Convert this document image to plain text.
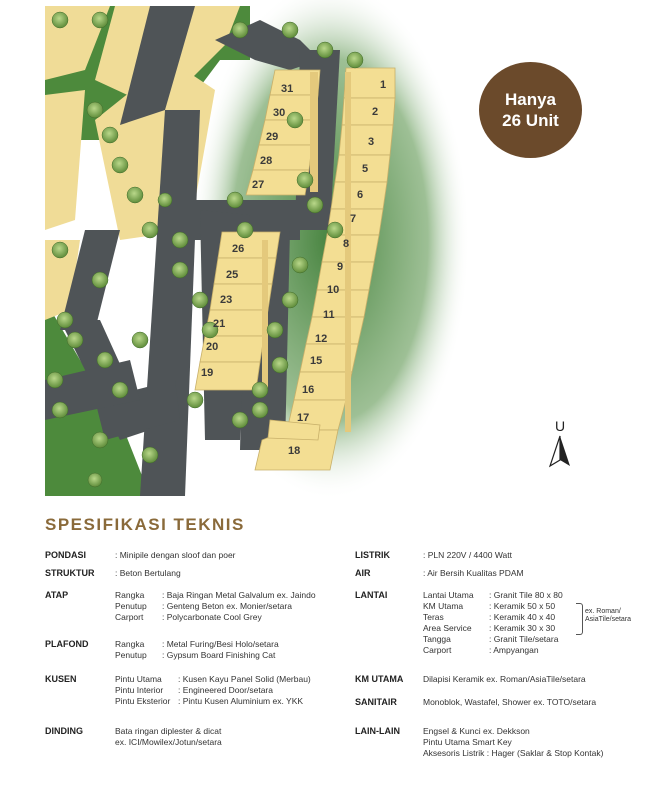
1
2
3
5
6
7
8
9
10
11
12
15
16
17
18
31
30
29
28
27
26
25
23
21
20
19
Hanya
26 Unit
U
SPESIFIKASI TEKNIS
PONDASI	: Minipile dengan sloof dan poer
STRUKTUR : Beton Bertulang
ATAP	Rangka : Baja Ringan Metal Galvalum ex. Jaindo
Penutup : Genteng Beton ex. Monier/setara
Carport : Polycarbonate Cool Grey
PLAFOND	Rangka : Metal Furing/Besi Holo/setara
Penutup : Gypsum Board Finishing Cat
KUSEN	Pintu Utama : Kusen Kayu Panel Solid (Merbau)
Pintu Interior : Engineered Door/setara
Pintu Eksterior : Pintu Kusen Aluminium ex. YKK
DINDING	Bata ringan diplester & dicat
ex. ICI/Mowilex/Jotun/setara
LISTRIK	: PLN 220V / 4400 Watt
AIR	: Air Bersih Kualitas PDAM
LANTAI	Lantai Utama : Granit Tile 80 x 80
KM Utama	: Keramik 50 x 50
Teras	: Keramik 40 x 40
Area Service : Keramik 30 x 30
Tangga	: Granit Tile/setara
Carport	: Ampyangan
ex. Roman/
AsiaTile/setara
KM UTAMA Dilapisi Keramik ex. Roman/AsiaTile/setara
SANITAIR	Monoblok, Wastafel, Shower ex. TOTO/setara
LAIN-LAIN	Engsel & Kunci ex. Dekkson
Pintu Utama Smart Key
Aksesoris Listrik : Hager (Saklar & Stop Kontak)
